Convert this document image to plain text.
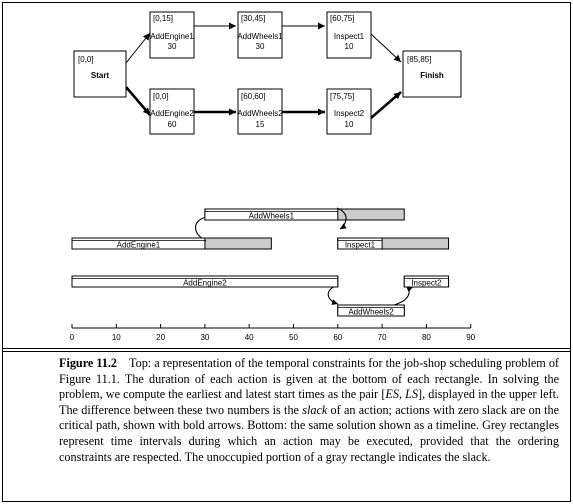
[0,0]
Start
[0,15]
AddEngine1
30
[30,45]
AddWheels1
30
[60,75]
Inspect1
10
[0,0]
AddEngine2
60
[60,60]
AddWheels2
15
[75,75]
Inspect2
10
[85,85]
Finish
AddWheels1
AddEngine1	Inspect1
AddEngine2	Inspect2
AddWheels2
0	10	20	30	40	50	60	70	80	90
Figure 11.2 Top: a representation of the temporal constraints for the job-shop scheduling problem of Figure 11.1. The duration of each action is given at the bottom of each rectangle. In solving the problem, we compute the earliest and latest start times as the pair [ES, LS], displayed in the upper left. The difference between these two numbers is the slack of an action; actions with zero slack are on the critical path, shown with bold arrows. Bottom: the same solution shown as a timeline. Grey rectangles represent time intervals during which an action may be executed, provided that the ordering constraints are respected. The unoccupied portion of a gray rectangle indicates the slack.
